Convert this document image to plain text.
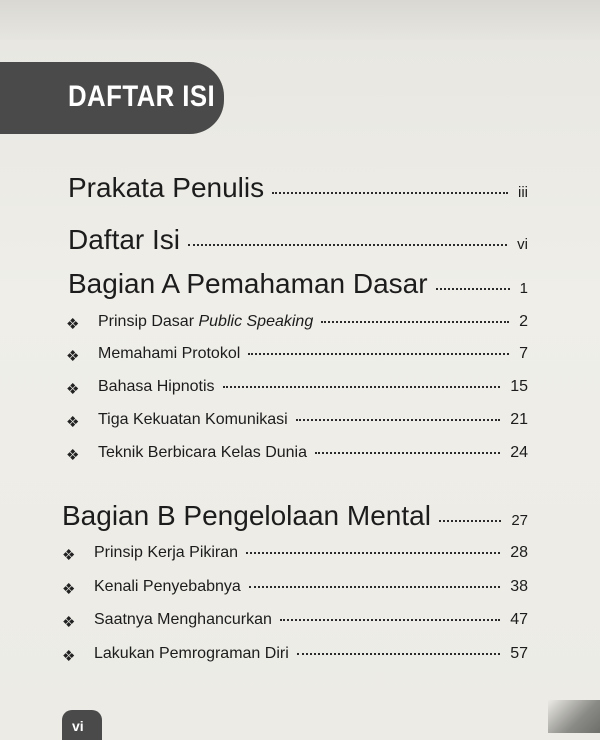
DAFTAR ISI
Prakata Penulis	iii
Daftar Isi	vi
Bagian A Pemahaman Dasar	1
❖ Prinsip Dasar Public Speaking	2
❖ Memahami Protokol	7
❖ Bahasa Hipnotis	15
❖ Tiga Kekuatan Komunikasi	21
❖ Teknik Berbicara Kelas Dunia	24
Bagian B Pengelolaan Mental	27
❖ Prinsip Kerja Pikiran	28
❖ Kenali Penyebabnya	38
❖ Saatnya Menghancurkan	47
❖ Lakukan Pemrograman Diri	57
vi
